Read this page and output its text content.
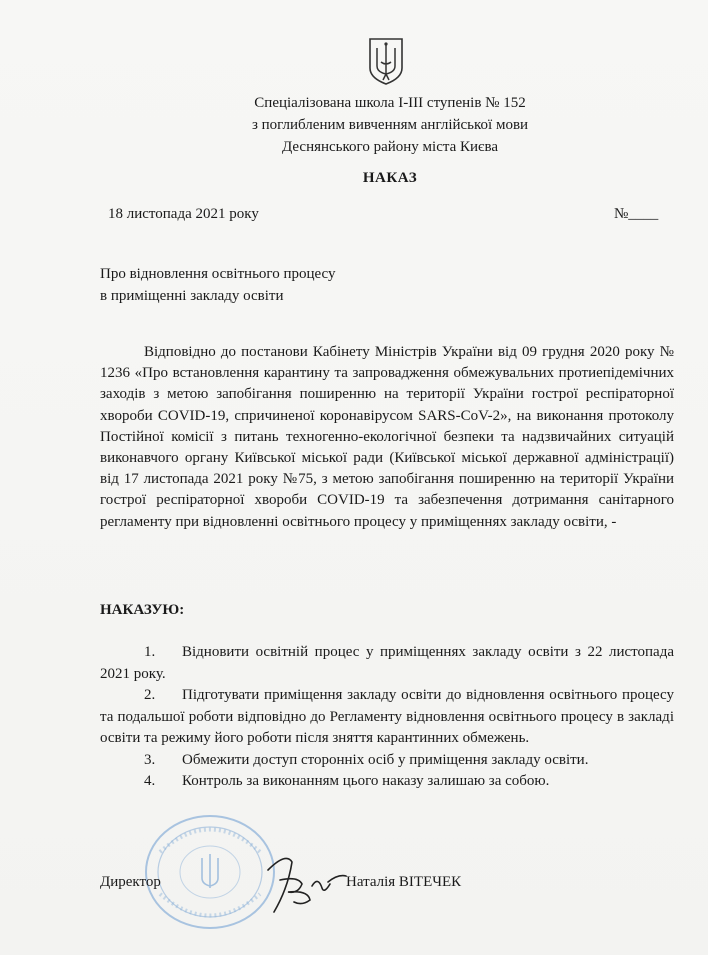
Спеціалізована школа І-ІІІ ступенів № 152
з поглибленим вивченням англійської мови
Деснянського району міста Києва
НАКАЗ
18 листопада 2021 року	№____
Про відновлення освітнього процесу
в приміщенні закладу освіти
Відповідно до постанови Кабінету Міністрів України від 09 грудня 2020 року № 1236 «Про встановлення карантину та запровадження обмежувальних протиепідемічних заходів з метою запобігання поширенню на території України гострої респіраторної хвороби COVID-19, спричиненої коронавірусом SARS-CoV-2», на виконання протоколу Постійної комісії з питань техногенно-екологічної безпеки та надзвичайних ситуацій виконавчого органу Київської міської ради (Київської міської державної адміністрації) від 17 листопада 2021 року №75, з метою запобігання поширенню на території України гострої респіраторної хвороби COVID-19 та забезпечення дотримання санітарного регламенту при відновленні освітнього процесу у приміщеннях закладу освіти, -
НАКАЗУЮ:
1. Відновити освітній процес у приміщеннях закладу освіти з 22 листопада 2021 року.
2. Підготувати приміщення закладу освіти до відновлення освітнього процесу та подальшої роботи відповідно до Регламенту відновлення освітнього процесу в закладі освіти та режиму його роботи після зняття карантинних обмежень.
3. Обмежити доступ сторонніх осіб у приміщення закладу освіти.
4. Контроль за виконанням цього наказу залишаю за собою.
Директор	Наталія ВІТЕЧЕК
